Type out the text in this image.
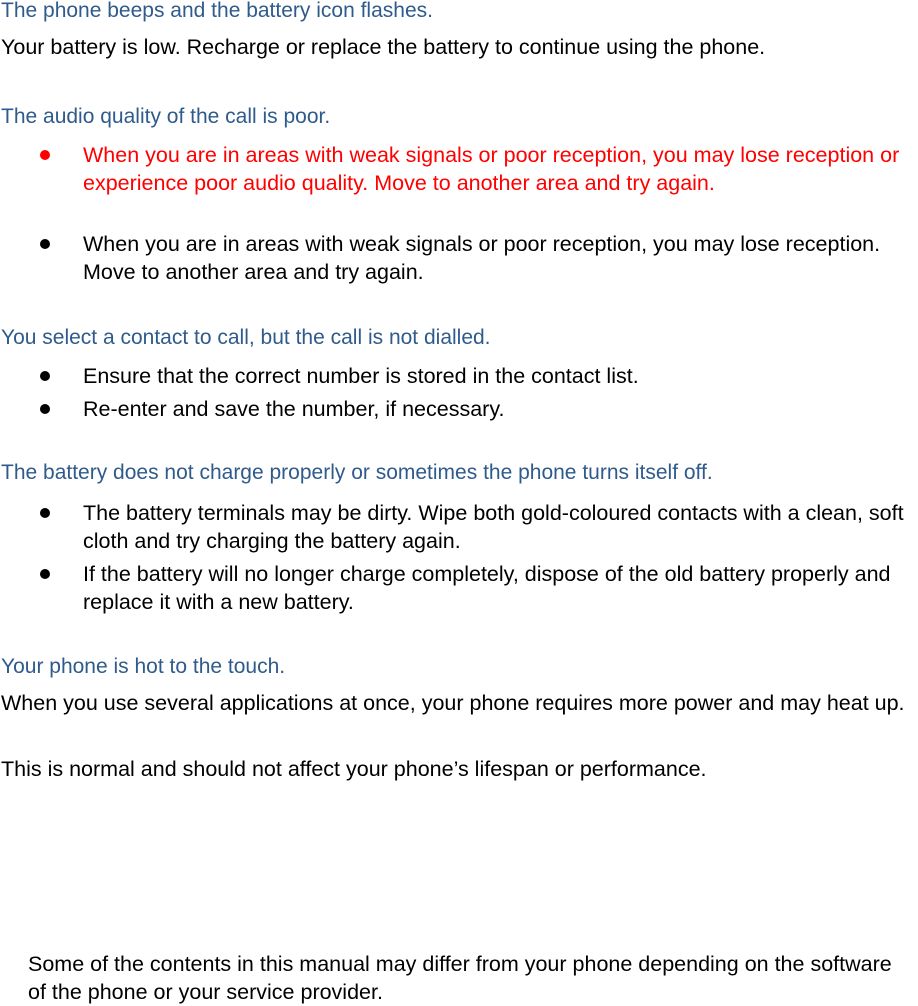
The phone beeps and the battery icon flashes.
Your battery is low. Recharge or replace the battery to continue using the phone.
The audio quality of the call is poor.
When you are in areas with weak signals or poor reception, you may lose reception or experience poor audio quality. Move to another area and try again.
When you are in areas with weak signals or poor reception, you may lose reception. Move to another area and try again.
You select a contact to call, but the call is not dialled.
Ensure that the correct number is stored in the contact list.
Re-enter and save the number, if necessary.
The battery does not charge properly or sometimes the phone turns itself off.
The battery terminals may be dirty. Wipe both gold-coloured contacts with a clean, soft cloth and try charging the battery again.
If the battery will no longer charge completely, dispose of the old battery properly and replace it with a new battery.
Your phone is hot to the touch.
When you use several applications at once, your phone requires more power and may heat up.
This is normal and should not affect your phone’s lifespan or performance.
Some of the contents in this manual may differ from your phone depending on the software of the phone or your service provider.
